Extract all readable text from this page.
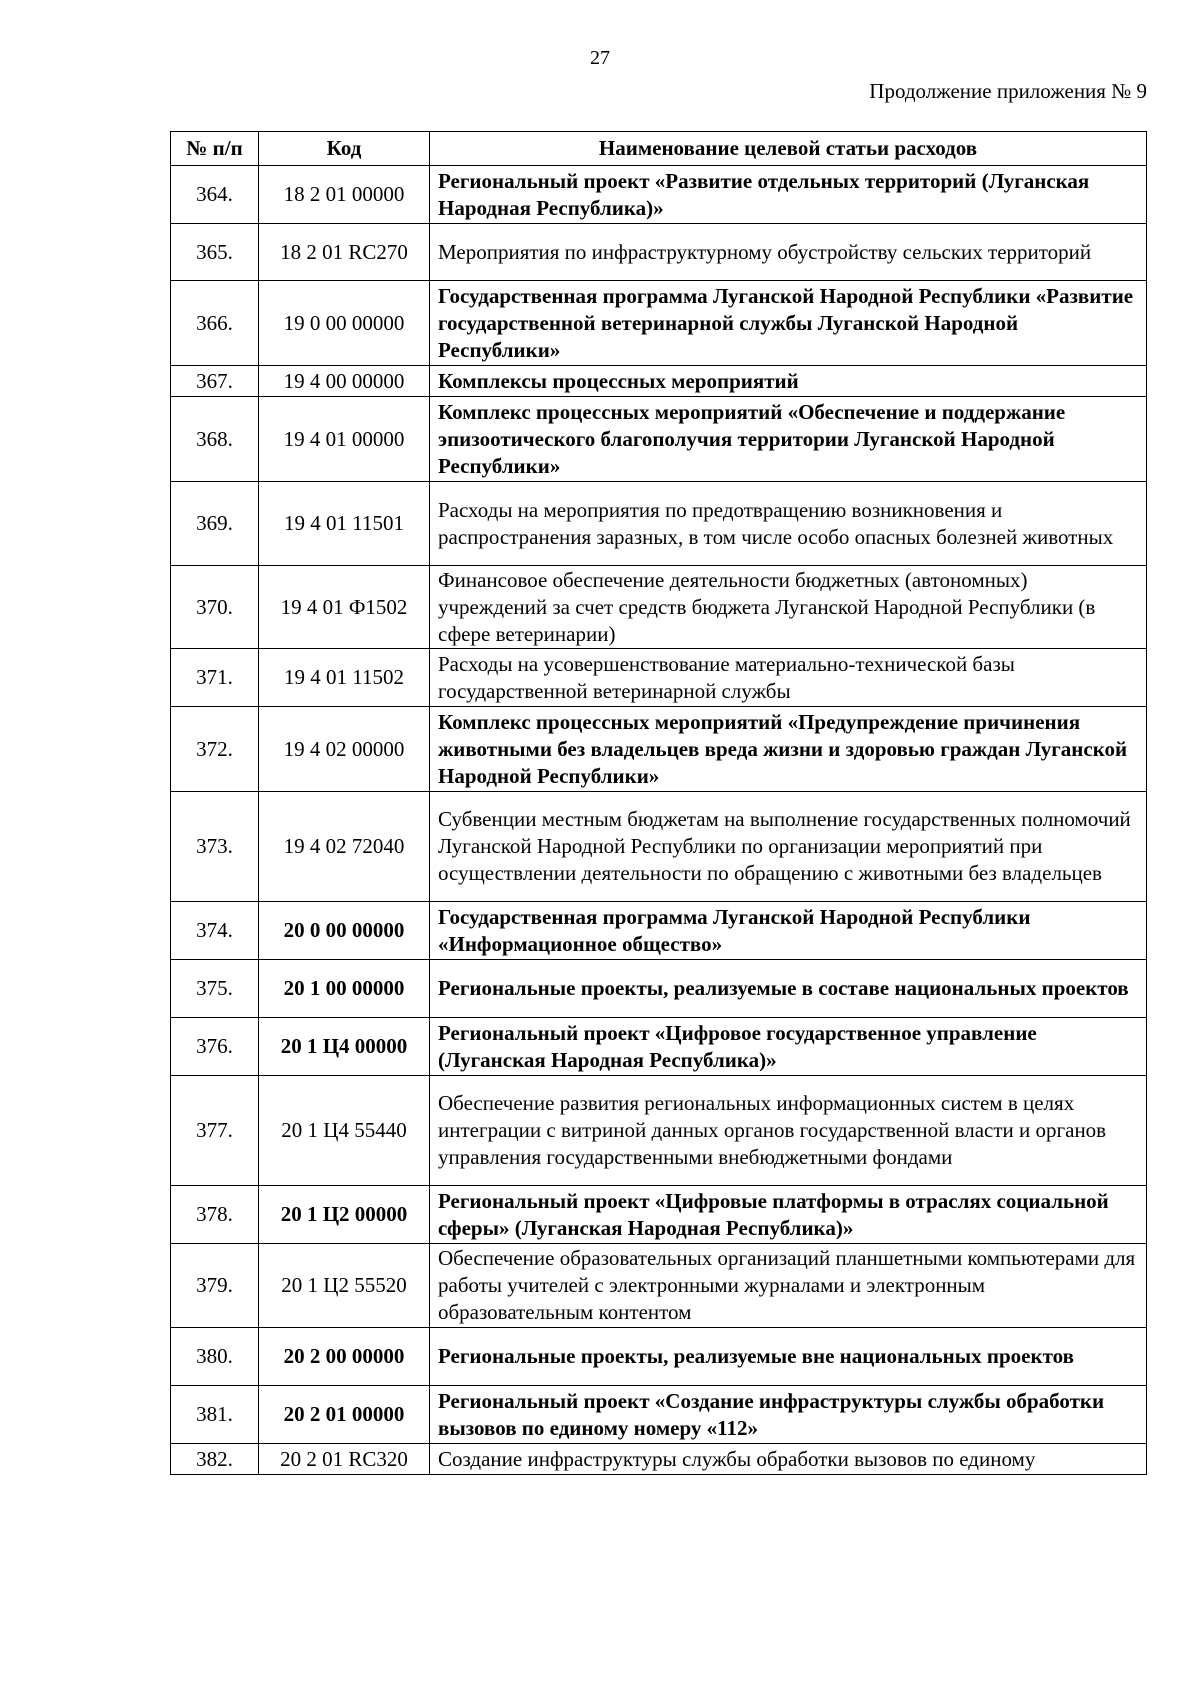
27
Продолжение приложения № 9
№ п/п	Код	Наименование целевой статьи расходов
364.	18 2 01 00000	Региональный проект «Развитие отдельных территорий (Луганская Народная Республика)»
365.	18 2 01 RC270	Мероприятия по инфраструктурному обустройству сельских территорий
366.	19 0 00 00000	Государственная программа Луганской Народной Республики «Развитие государственной ветеринарной службы Луганской Народной Республики»
367.	19 4 00 00000	Комплексы процессных мероприятий
368.	19 4 01 00000	Комплекс процессных мероприятий «Обеспечение и поддержание эпизоотического благополучия территории Луганской Народной Республики»
369.	19 4 01 11501	Расходы на мероприятия по предотвращению возникновения и распространения заразных, в том числе особо опасных болезней животных
370.	19 4 01 Ф1502	Финансовое обеспечение деятельности бюджетных (автономных) учреждений за счет средств бюджета Луганской Народной Республики (в сфере ветеринарии)
371.	19 4 01 11502	Расходы на усовершенствование материально-технической базы государственной ветеринарной службы
372.	19 4 02 00000	Комплекс процессных мероприятий «Предупреждение причинения животными без владельцев вреда жизни и здоровью граждан Луганской Народной Республики»
373.	19 4 02 72040	Субвенции местным бюджетам на выполнение государственных полномочий Луганской Народной Республики по организации мероприятий при осуществлении деятельности по обращению с животными без владельцев
374.	20 0 00 00000	Государственная программа Луганской Народной Республики «Информационное общество»
375.	20 1 00 00000	Региональные проекты, реализуемые в составе национальных проектов
376.	20 1 Ц4 00000	Региональный проект «Цифровое государственное управление (Луганская Народная Республика)»
377.	20 1 Ц4 55440	Обеспечение развития региональных информационных систем в целях интеграции с витриной данных органов государственной власти и органов управления государственными внебюджетными фондами
378.	20 1 Ц2 00000	Региональный проект «Цифровые платформы в отраслях социальной сферы» (Луганская Народная Республика)»
379.	20 1 Ц2 55520	Обеспечение образовательных организаций планшетными компьютерами для работы учителей с электронными журналами и электронным образовательным контентом
380.	20 2 00 00000	Региональные проекты, реализуемые вне национальных проектов
381.	20 2 01 00000	Региональный проект «Создание инфраструктуры службы обработки вызовов по единому номеру «112»
382.	20 2 01 RC320	Создание инфраструктуры службы обработки вызовов по единому
